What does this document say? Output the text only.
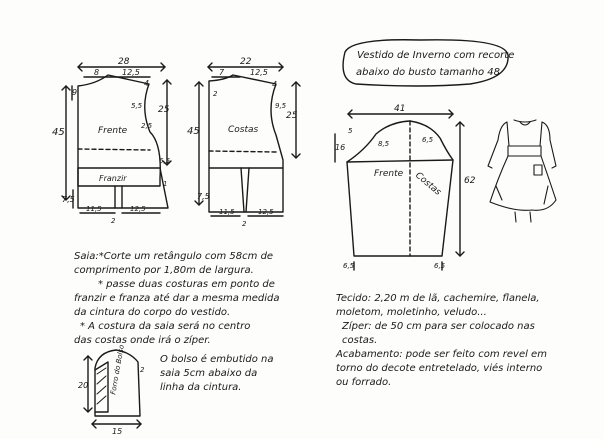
28
8	12,5
4
9
45
25
5,5
2,5
6,5
1
Frente
Franzir
7,5
11,5	12,5
2
22
7	12,5
4
2
45
25
9,5
Costas
7,5
11,5	12,5
2
Vestido de Inverno com recorte
abaixo do busto tamanho 48
41
16	8,5	6,5
5
62
Frente Costas
6,5	6,5
Forro do Bolso
20
15
2
Saia:*Corte um retângulo com 58cm de
comprimento por 1,80m de largura.
* passe duas costuras em ponto de
franzir e franza até dar a mesma medida
da cintura do corpo do vestido.
* A costura da saia será no centro
das costas onde irá o zíper.
O bolso é embutido na
saia 5cm abaixo da
linha da cintura.
Tecido: 2,20 m de lã, cachemire, flanela,
moletom, moletinho, veludo...
Zíper: de 50 cm para ser colocado nas
costas.
Acabamento: pode ser feito com revel em
torno do decote entretelado, viés interno
ou forrado.
